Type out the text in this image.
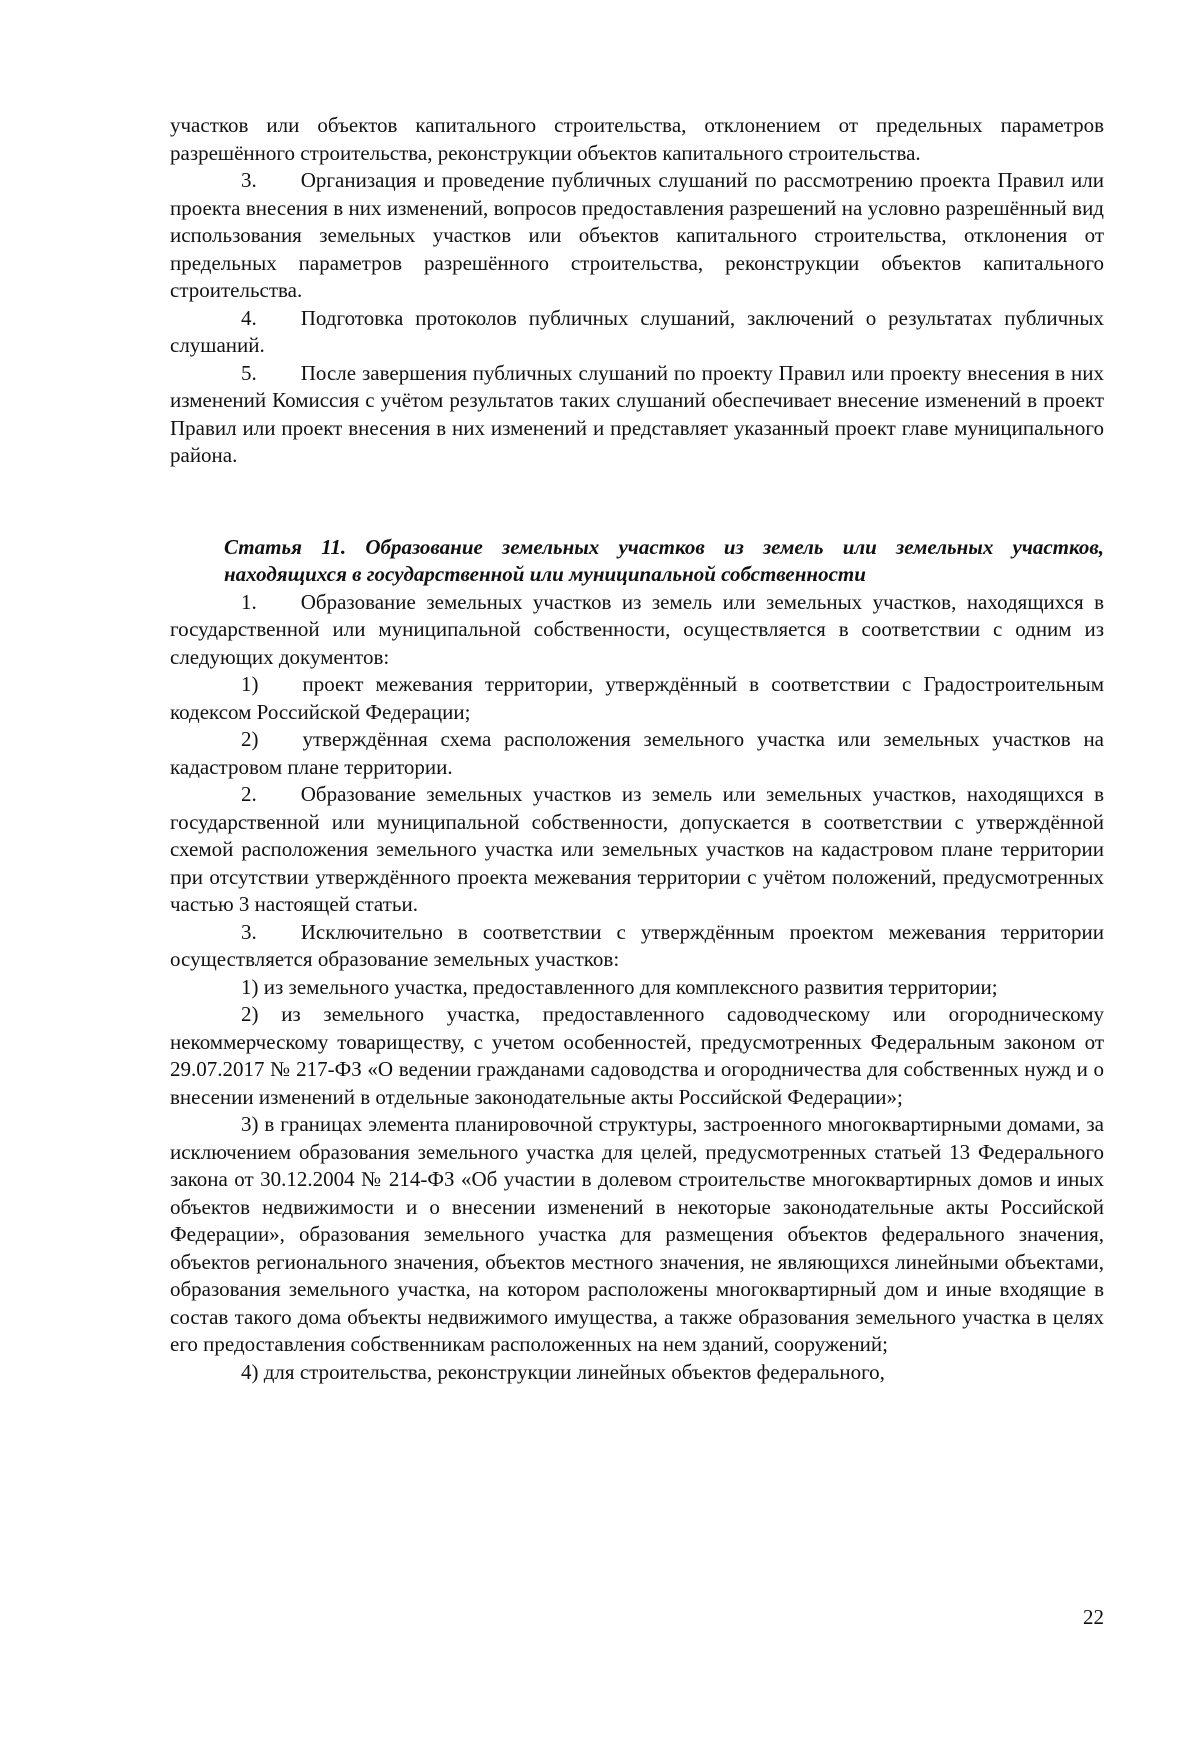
участков или объектов капитального строительства, отклонением от предельных параметров разрешённого строительства, реконструкции объектов капитального строительства.

3. Организация и проведение публичных слушаний по рассмотрению проекта Правил или проекта внесения в них изменений, вопросов предоставления разрешений на условно разрешённый вид использования земельных участков или объектов капитального строительства, отклонения от предельных параметров разрешённого строительства, реконструкции объектов капитального строительства.

4. Подготовка протоколов публичных слушаний, заключений о результатах публичных слушаний.

5. После завершения публичных слушаний по проекту Правил или проекту внесения в них изменений Комиссия с учётом результатов таких слушаний обеспечивает внесение изменений в проект Правил или проект внесения в них изменений и представляет указанный проект главе муниципального района.

Статья 11. Образование земельных участков из земель или земельных участков, находящихся в государственной или муниципальной собственности

1. Образование земельных участков из земель или земельных участков, находящихся в государственной или муниципальной собственности, осуществляется в соответствии с одним из следующих документов:

1) проект межевания территории, утверждённый в соответствии с Градостроительным кодексом Российской Федерации;

2) утверждённая схема расположения земельного участка или земельных участков на кадастровом плане территории.

2. Образование земельных участков из земель или земельных участков, находящихся в государственной или муниципальной собственности, допускается в соответствии с утверждённой схемой расположения земельного участка или земельных участков на кадастровом плане территории при отсутствии утверждённого проекта межевания территории с учётом положений, предусмотренных частью 3 настоящей статьи.

3. Исключительно в соответствии с утверждённым проектом межевания территории осуществляется образование земельных участков:

1) из земельного участка, предоставленного для комплексного развития территории;

2) из земельного участка, предоставленного садоводческому или огородническому некоммерческому товариществу, с учетом особенностей, предусмотренных Федеральным законом от 29.07.2017 № 217-ФЗ «О ведении гражданами садоводства и огородничества для собственных нужд и о внесении изменений в отдельные законодательные акты Российской Федерации»;

3) в границах элемента планировочной структуры, застроенного многоквартирными домами, за исключением образования земельного участка для целей, предусмотренных статьей 13 Федерального закона от 30.12.2004 № 214-ФЗ «Об участии в долевом строительстве многоквартирных домов и иных объектов недвижимости и о внесении изменений в некоторые законодательные акты Российской Федерации», образования земельного участка для размещения объектов федерального значения, объектов регионального значения, объектов местного значения, не являющихся линейными объектами, образования земельного участка, на котором расположены многоквартирный дом и иные входящие в состав такого дома объекты недвижимого имущества, а также образования земельного участка в целях его предоставления собственникам расположенных на нем зданий, сооружений;

4) для строительства, реконструкции линейных объектов федерального,

22
